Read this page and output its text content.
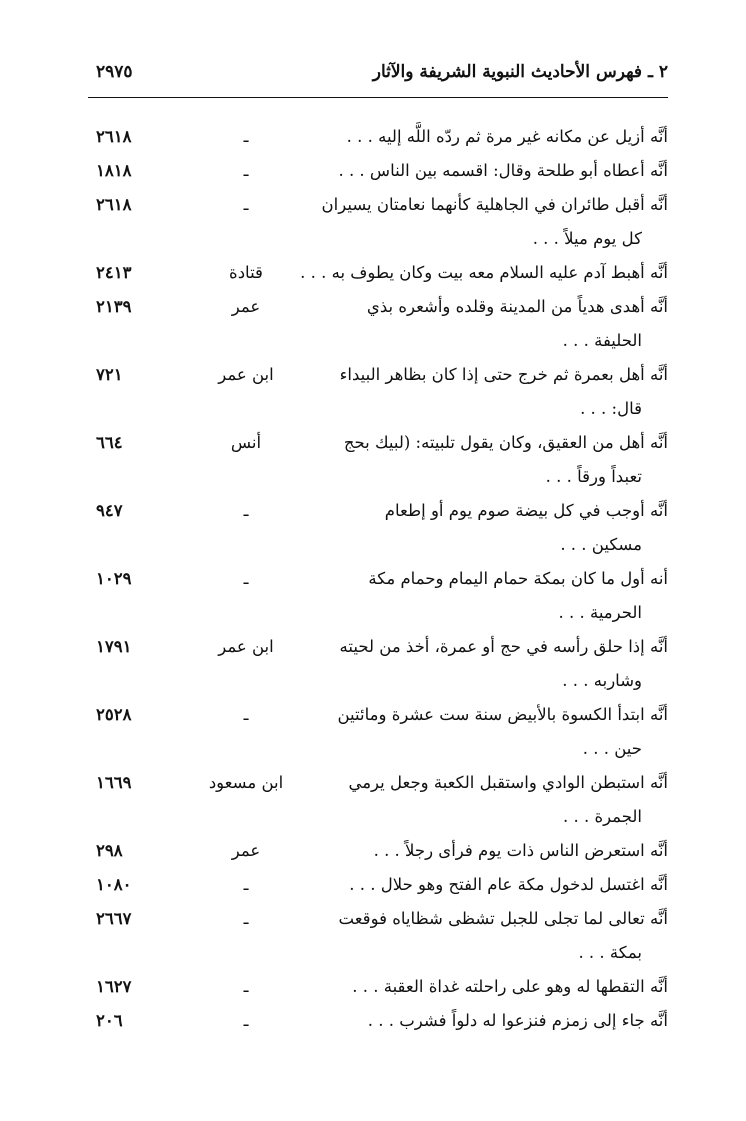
٢ ـ فهرس الأحاديث النبوية الشريفة والآثار
٢٩٧٥
أنَّه أزيل عن مكانه غير مرة ثم ردّه اللَّه إليه . . .
ـ
٢٦١٨
أنَّه أعطاه أبو طلحة وقال: اقسمه بين الناس . . .
ـ
١٨١٨
أنَّه أقبل طائران في الجاهلية كأنهما نعامتان يسيران
كل يوم ميلاً . . .
ـ
٢٦١٨
أنَّه أهبط آدم عليه السلام معه بيت وكان يطوف به . . .
قتادة
٢٤١٣
أنَّه أهدى هدياً من المدينة وقلده وأشعره بذي
الحليفة . . .
عمر
٢١٣٩
أنَّه أهل بعمرة ثم خرج حتى إذا كان بظاهر البيداء
قال: . . .
ابن عمر
٧٢١
أنَّه أهل من العقيق، وكان يقول تلبيته: (لبيك بحج
تعبداً ورقاً . . .
أنس
٦٦٤
أنَّه أوجب في كل بيضة صوم يوم أو إطعام
مسكين . . .
ـ
٩٤٧
أنه أول ما كان بمكة حمام اليمام وحمام مكة
الحرمية . . .
ـ
١٠٢٩
أنَّه إذا حلق رأسه في حج أو عمرة، أخذ من لحيته
وشاربه . . .
ابن عمر
١٧٩١
أنَّه ابتدأ الكسوة بالأبيض سنة ست عشرة ومائتين
حين . . .
ـ
٢٥٢٨
أنَّه استبطن الوادي واستقبل الكعبة وجعل يرمي
الجمرة . . .
ابن مسعود
١٦٦٩
أنَّه استعرض الناس ذات يوم فرأى رجلاً . . .
عمر
٢٩٨
أنَّه اغتسل لدخول مكة عام الفتح وهو حلال . . .
ـ
١٠٨٠
أنَّه تعالى لما تجلى للجبل تشظى شظاياه فوقعت
بمكة . . .
ـ
٢٦٦٧
أنَّه التقطها له وهو على راحلته غداة العقبة . . .
ـ
١٦٢٧
أنَّه جاء إلى زمزم فنزعوا له دلواً فشرب . . .
ـ
٢٠٦
